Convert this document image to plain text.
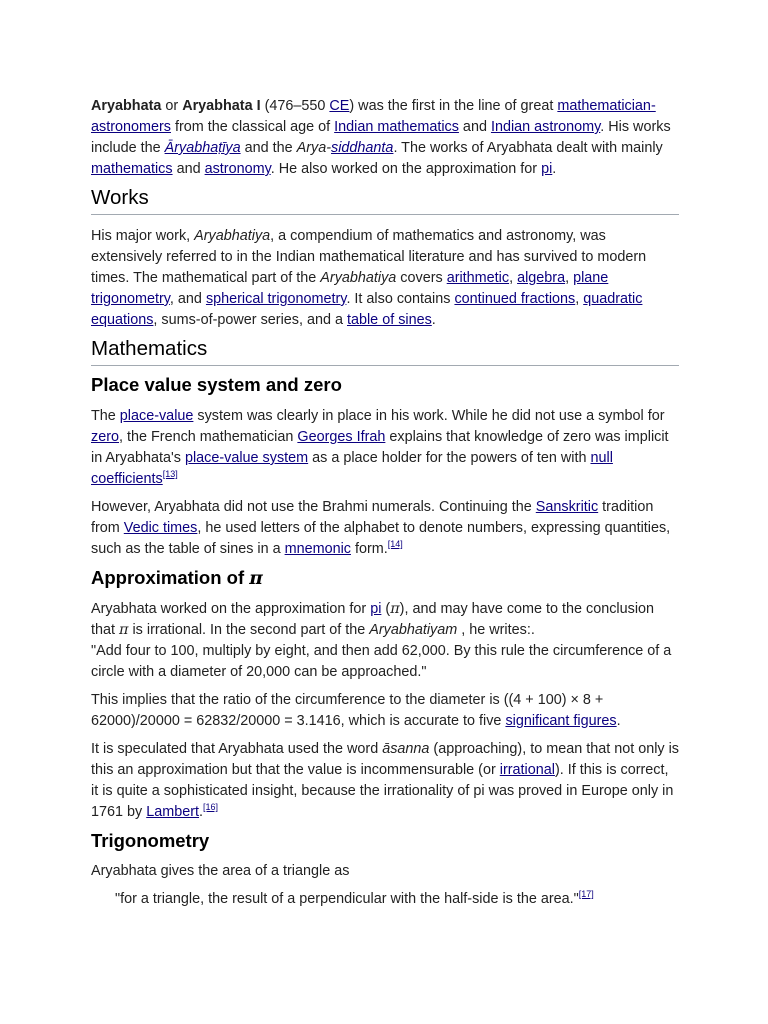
Aryabhata or Aryabhata I (476–550 CE) was the first in the line of great mathematician-astronomers from the classical age of Indian mathematics and Indian astronomy. His works include the Āryabhaṭīya and the Arya-siddhanta. The works of Aryabhata dealt with mainly mathematics and astronomy. He also worked on the approximation for pi.

Works

His major work, Aryabhatiya, a compendium of mathematics and astronomy, was extensively referred to in the Indian mathematical literature and has survived to modern times. The mathematical part of the Aryabhatiya covers arithmetic, algebra, plane trigonometry, and spherical trigonometry. It also contains continued fractions, quadratic equations, sums-of-power series, and a table of sines.

Mathematics
Place value system and zero

The place-value system was clearly in place in his work. While he did not use a symbol for zero, the French mathematician Georges Ifrah explains that knowledge of zero was implicit in Aryabhata's place-value system as a place holder for the powers of ten with null coefficients[13]

However, Aryabhata did not use the Brahmi numerals. Continuing the Sanskritic tradition from Vedic times, he used letters of the alphabet to denote numbers, expressing quantities, such as the table of sines in a mnemonic form.[14]

Approximation of π

Aryabhata worked on the approximation for pi (π), and may have come to the conclusion that π is irrational. In the second part of the Aryabhatiyam , he writes:.
"Add four to 100, multiply by eight, and then add 62,000. By this rule the circumference of a circle with a diameter of 20,000 can be approached."

This implies that the ratio of the circumference to the diameter is ((4 + 100) × 8 + 62000)/20000 = 62832/20000 = 3.1416, which is accurate to five significant figures.

It is speculated that Aryabhata used the word āsanna (approaching), to mean that not only is this an approximation but that the value is incommensurable (or irrational). If this is correct, it is quite a sophisticated insight, because the irrationality of pi was proved in Europe only in 1761 by Lambert.[16]

Trigonometry

Aryabhata gives the area of a triangle as

"for a triangle, the result of a perpendicular with the half-side is the area."[17]
